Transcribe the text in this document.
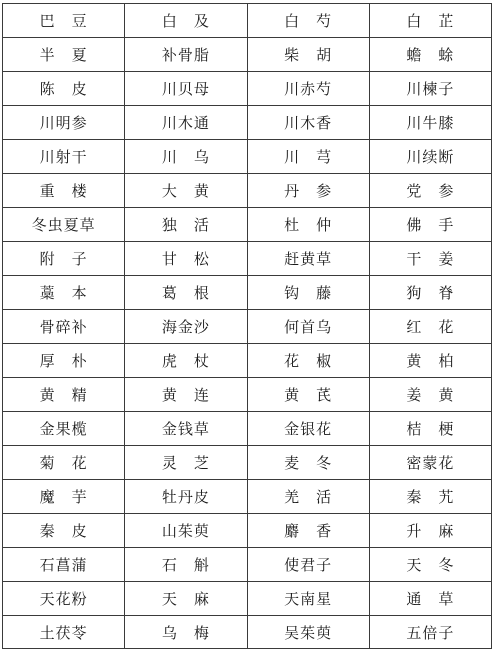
巴　豆	白　及	白　芍	白　芷
半　夏	补骨脂	柴　胡	蟾　蜍
陈　皮	川贝母	川赤芍	川楝子
川明参	川木通	川木香	川牛膝
川射干	川　乌	川　芎	川续断
重　楼	大　黄	丹　参	党　参
冬虫夏草	独　活	杜　仲	佛　手
附　子	甘　松	赶黄草	干　姜
藁　本	葛　根	钩　藤	狗　脊
骨碎补	海金沙	何首乌	红　花
厚　朴	虎　杖	花　椒	黄　柏
黄　精	黄　连	黄　芪	姜　黄
金果榄	金钱草	金银花	桔　梗
菊　花	灵　芝	麦　冬	密蒙花
魔　芋	牡丹皮	羌　活	秦　艽
秦　皮	山茱萸	麝　香	升　麻
石菖蒲	石　斛	使君子	天　冬
天花粉	天　麻	天南星	通　草
土茯苓	乌　梅	吴茱萸	五倍子
